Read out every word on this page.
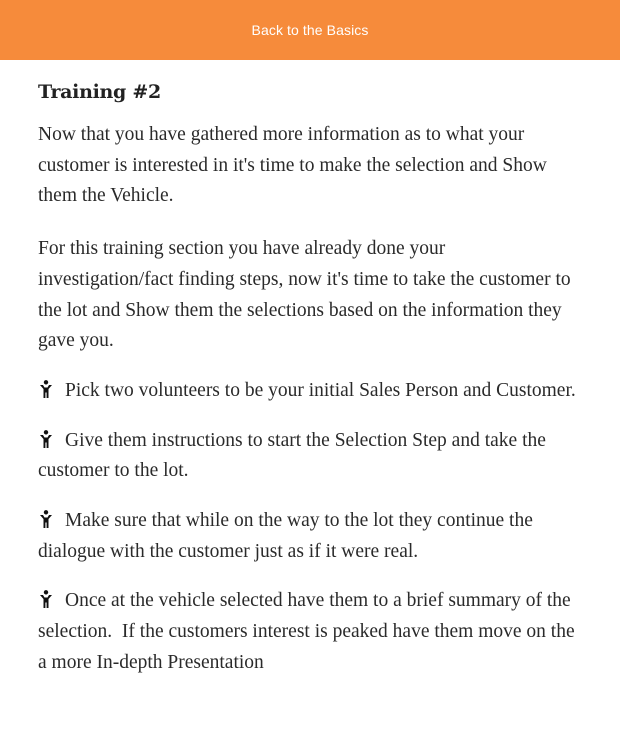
Back to the Basics
Training #2

Now that you have gathered more information as to what your customer is interested in it's time to make the selection and Show them the Vehicle.

For this training section you have already done your investigation/fact finding steps, now it's time to take the customer to the lot and Show them the selections based on the information they gave you.

Pick two volunteers to be your initial Sales Person and Customer.

Give them instructions to start the Selection Step and take the customer to the lot.

Make sure that while on the way to the lot they continue the dialogue with the customer just as if it were real.

Once at the vehicle selected have them to a brief summary of the selection.  If the customers interest is peaked have them move on the a more In-depth Presentation
